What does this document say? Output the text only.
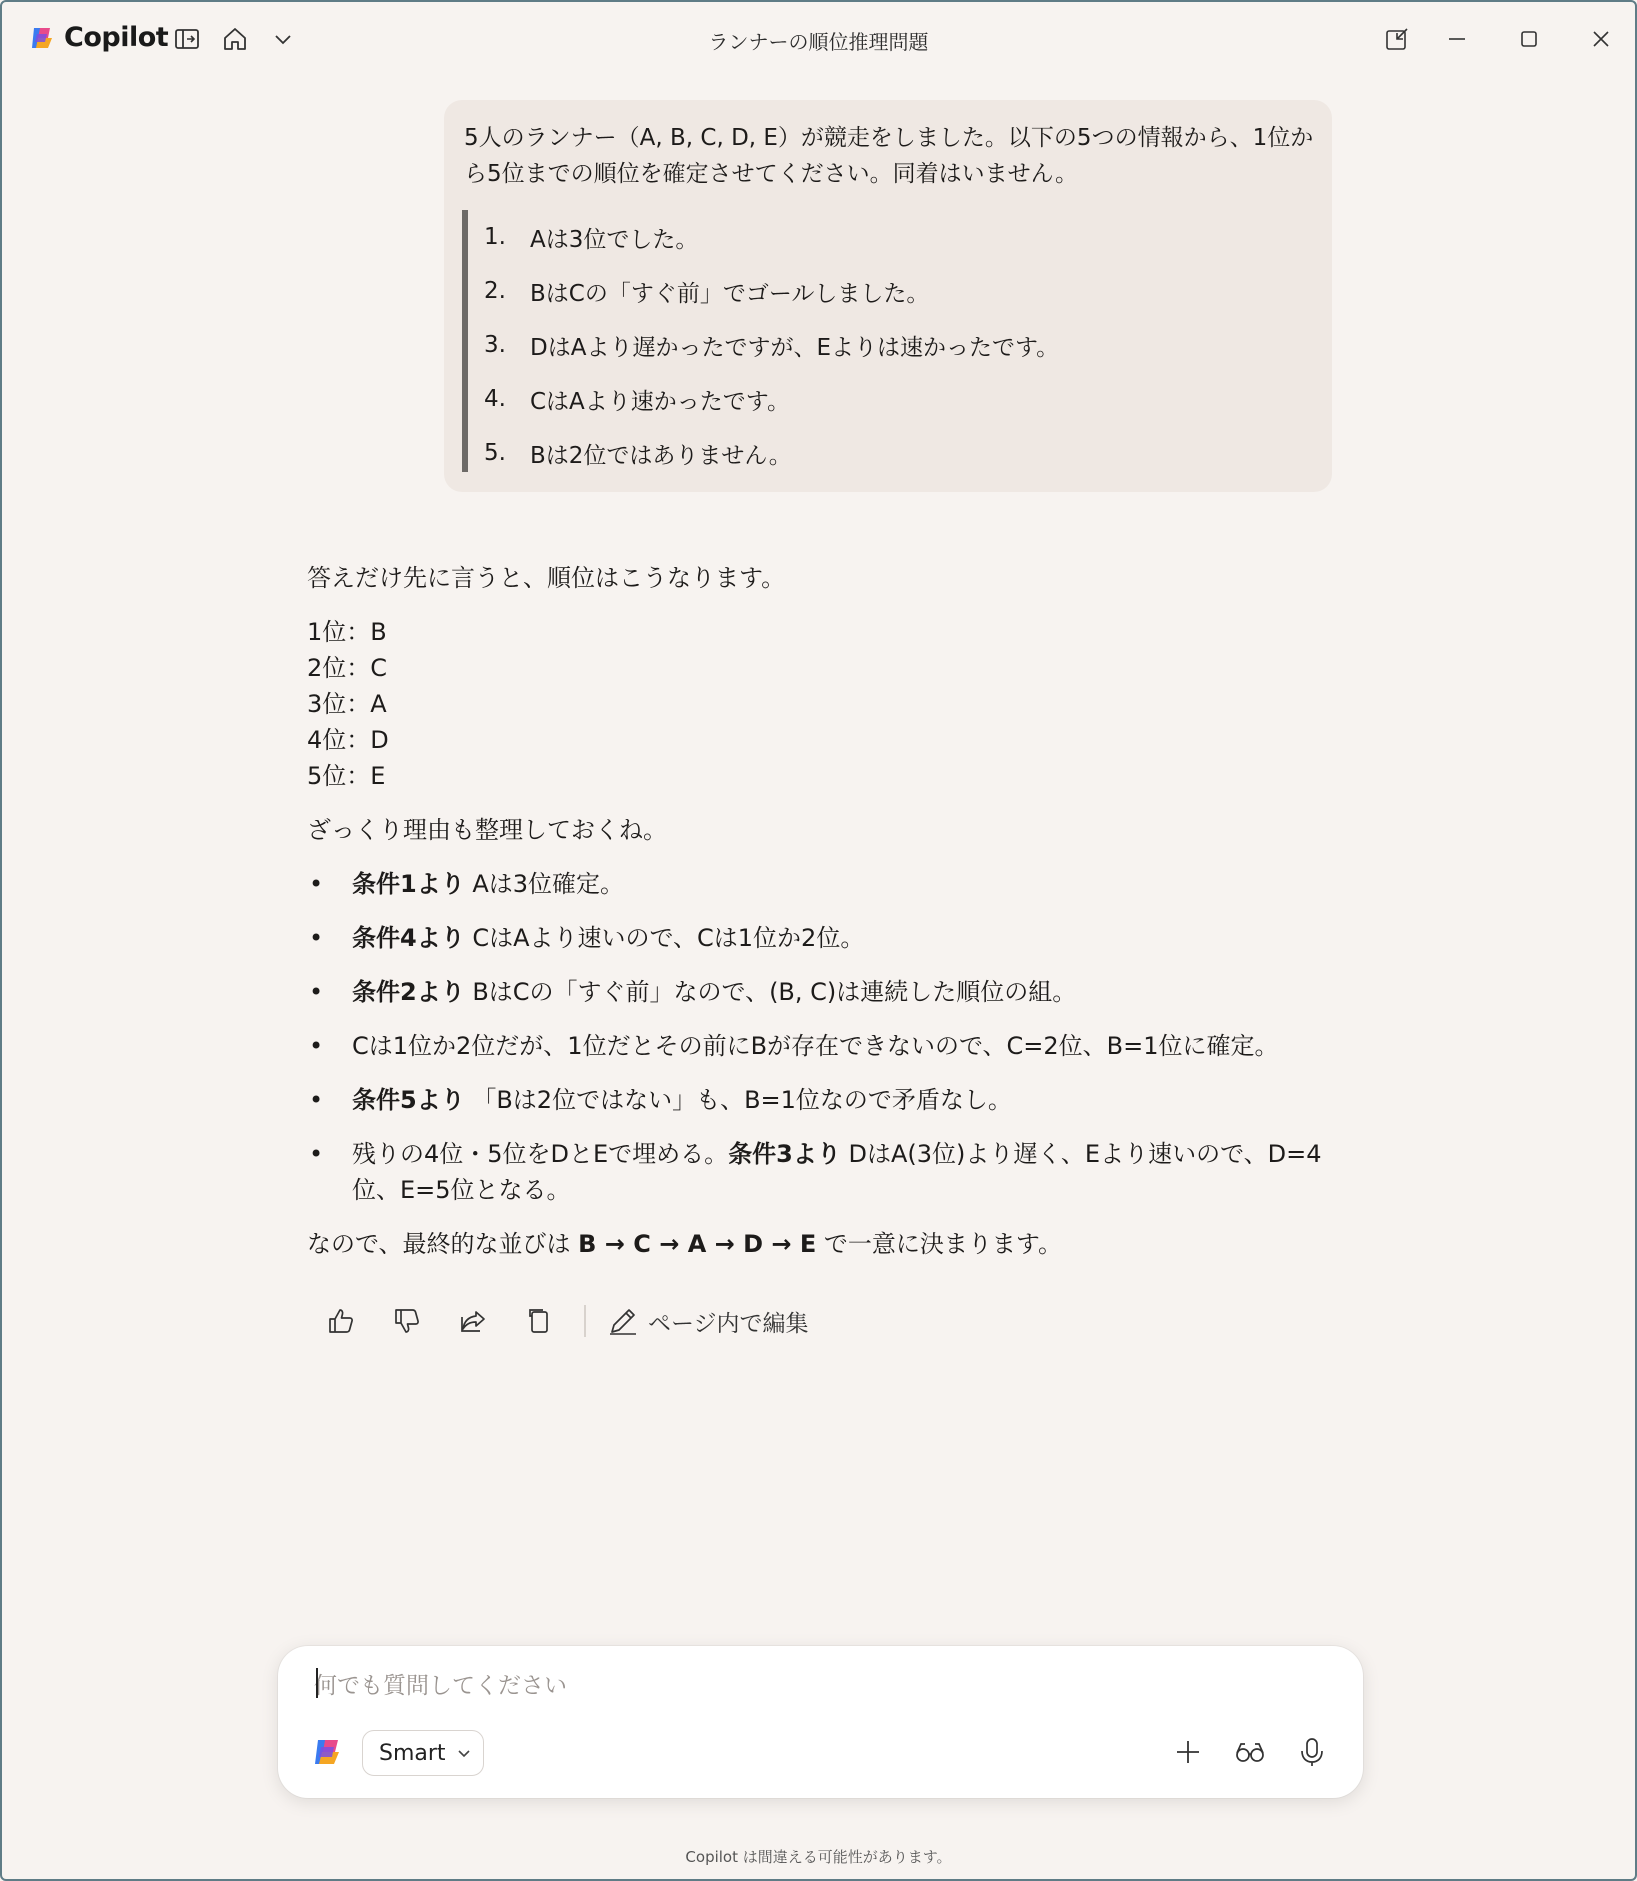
Copilot	ランナーの順位推理問題
5人のランナー（A, B, C, D, E）が競走をしました。以下の5つの情報から、1位から5位までの順位を確定させてください。同着はいません。
1.	Aは3位でした。
2.	BはCの「すぐ前」でゴールしました。
3.	DはAより遅かったですが、Eよりは速かったです。
4.	CはAより速かったです。
5.	Bは2位ではありません。
答えだけ先に言うと、順位はこうなります。
1位：B
2位：C
3位：A
4位：D
5位：E
ざっくり理由も整理しておくね。
•	条件1より Aは3位確定。
•	条件4より CはAより速いので、Cは1位か2位。
•	条件2より BはCの「すぐ前」なので、(B, C)は連続した順位の組。
•	Cは1位か2位だが、1位だとその前にBが存在できないので、C=2位、B=1位に確定。
•	条件5より 「Bは2位ではない」も、B=1位なので矛盾なし。
•	残りの4位・5位をDとEで埋める。条件3より DはA(3位)より遅く、Eより速いので、D=4位、E=5位となる。
なので、最終的な並びは B → C → A → D → E で一意に決まります。
ページ内で編集
何でも質問してください
Smart
Copilot は間違える可能性があります。
